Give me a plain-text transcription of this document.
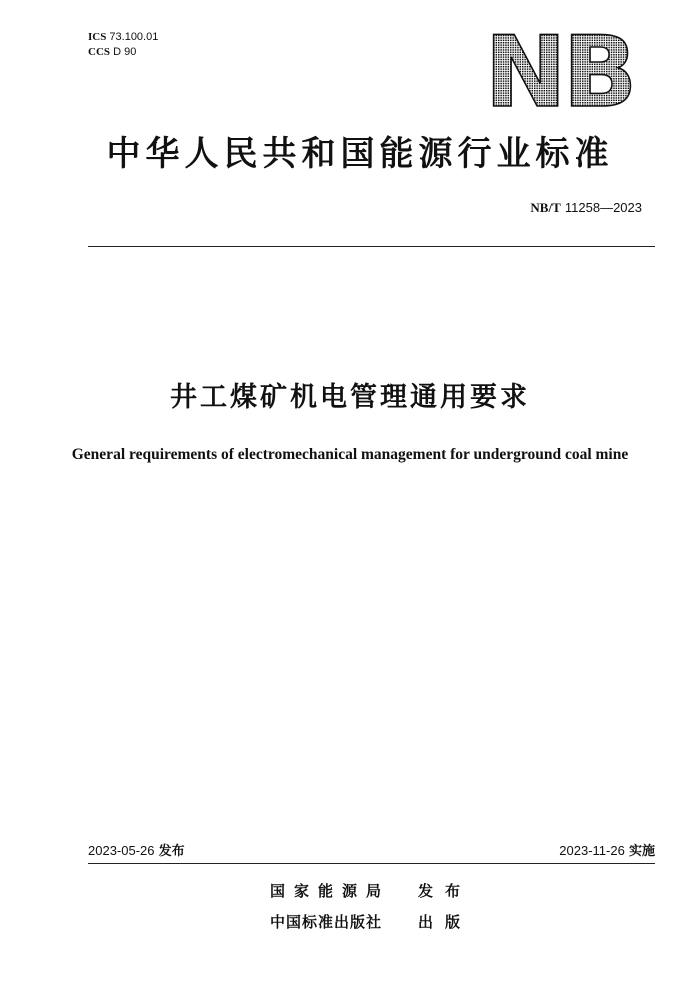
ICS 73.100.01
CCS D 90	NB
中华人民共和国能源行业标准
NB/T 11258—2023
井工煤矿机电管理通用要求
General requirements of electromechanical management for underground coal mine
2023-05-26 发布	2023-11-26 实施
国家能源局 发布
中国标准出版社 出版
